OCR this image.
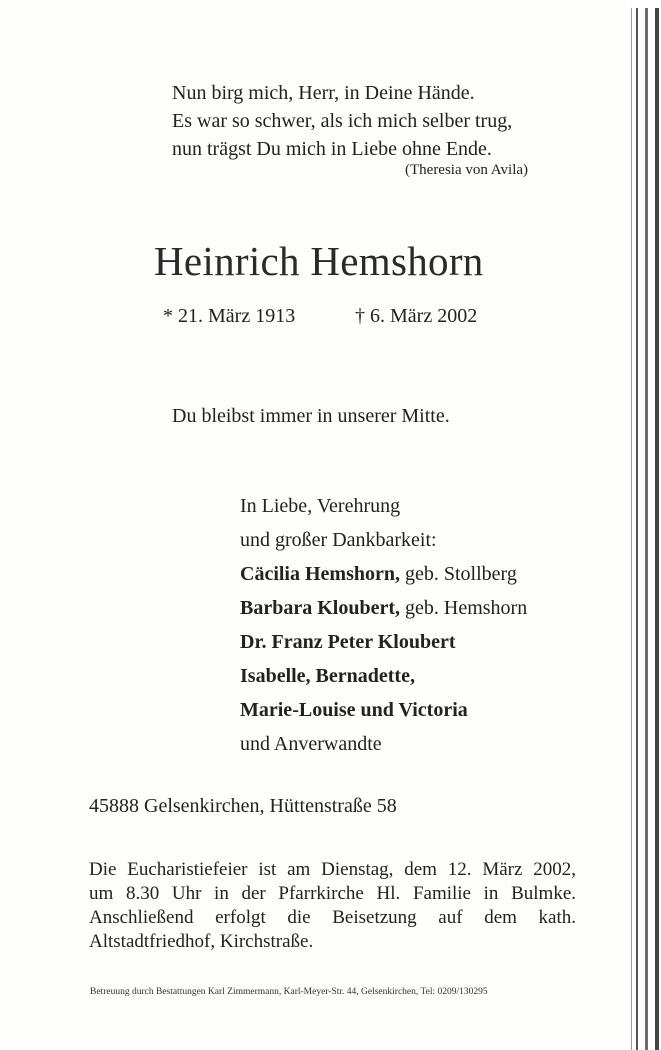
Nun birg mich, Herr, in Deine Hände.
Es war so schwer, als ich mich selber trug,
nun trägst Du mich in Liebe ohne Ende.
(Theresia von Avila)
Heinrich Hemshorn
* 21. März 1913	† 6. März 2002
Du bleibst immer in unserer Mitte.
In Liebe, Verehrung
und großer Dankbarkeit:
Cäcilia Hemshorn, geb. Stollberg
Barbara Kloubert, geb. Hemshorn
Dr. Franz Peter Kloubert
Isabelle, Bernadette,
Marie-Louise und Victoria
und Anverwandte
45888 Gelsenkirchen, Hüttenstraße 58
Die Eucharistiefeier ist am Dienstag, dem 12. März 2002,
um 8.30 Uhr in der Pfarrkirche Hl. Familie in Bulmke.
Anschließend erfolgt die Beisetzung auf dem kath.
Altstadtfriedhof, Kirchstraße.
Betreuung durch Bestattungen Karl Zimmermann, Karl-Meyer-Str. 44, Gelsenkirchen, Tel: 0209/130295
